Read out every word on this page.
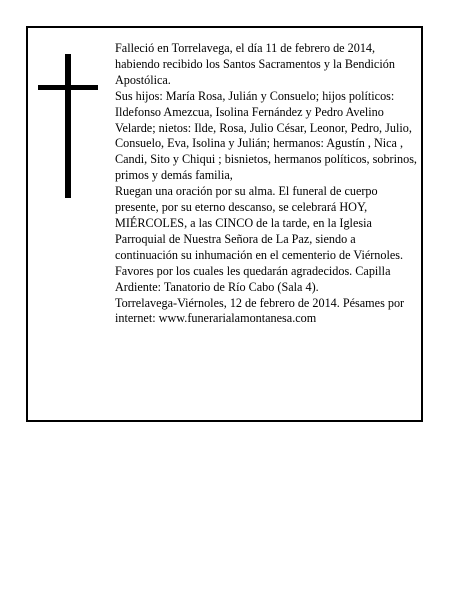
Falleció en Torrelavega, el día 11 de febrero de 2014, habiendo recibido los Santos Sacramentos y la Bendición Apostólica.

Sus hijos: María Rosa, Julián y Consuelo; hijos políticos: Ildefonso Amezcua, Isolina Fernández y Pedro Avelino Velarde; nietos: Ilde, Rosa, Julio César, Leonor, Pedro, Julio, Consuelo, Eva, Isolina y Julián; hermanos: Agustín , Nica , Candi, Sito y Chiqui ; bisnietos, hermanos políticos, sobrinos, primos y demás familia,

Ruegan una oración por su alma. El funeral de cuerpo presente, por su eterno descanso, se celebrará HOY, MIÉRCOLES, a las CINCO de la tarde, en la Iglesia Parroquial de Nuestra Señora de La Paz, siendo a continuación su inhumación en el cementerio de Viérnoles. Favores por los cuales les quedarán agradecidos. Capilla Ardiente: Tanatorio de Río Cabo (Sala 4).

Torrelavega-Viérnoles, 12 de febrero de 2014. Pésames por internet: www.funerarialamontanesa.com
